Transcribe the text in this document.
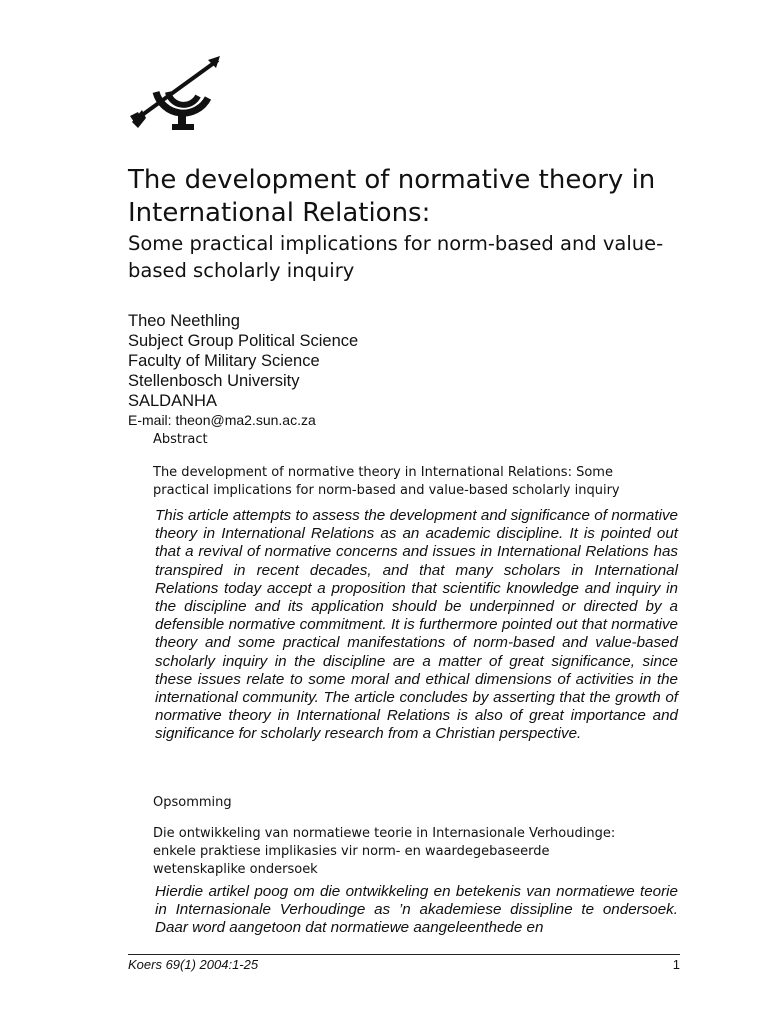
The development of normative theory in International Relations:
Some practical implications for norm-based and value-based scholarly inquiry
Theo Neethling
Subject Group Political Science
Faculty of Military Science
Stellenbosch University
SALDANHA
E-mail: theon@ma2.sun.ac.za
Abstract
The development of normative theory in International Relations: Some
practical implications for norm-based and value-based scholarly inquiry

This article attempts to assess the development and significance of normative theory in International Relations as an academic discipline. It is pointed out that a revival of normative concerns and issues in International Relations has transpired in recent decades, and that many scholars in International Relations today accept a proposition that scientific knowledge and inquiry in the discipline and its application should be underpinned or directed by a defensible normative commitment. It is furthermore pointed out that normative theory and some practical manifestations of norm-based and value-based scholarly inquiry in the discipline are a matter of great significance, since these issues relate to some moral and ethical dimensions of activities in the international community. The article concludes by asserting that the growth of normative theory in International Relations is also of great importance and significance for scholarly research from a Christian perspective.

Opsomming
Die ontwikkeling van normatiewe teorie in Internasionale Verhoudinge:
enkele praktiese implikasies vir norm- en waardegebaseerde
wetenskaplike ondersoek

Hierdie artikel poog om die ontwikkeling en betekenis van normatiewe teorie in Internasionale Verhoudinge as ’n akademiese dissipline te ondersoek. Daar word aangetoon dat normatiewe aangeleenthede en

Koers 69(1) 2004:1-25	1
